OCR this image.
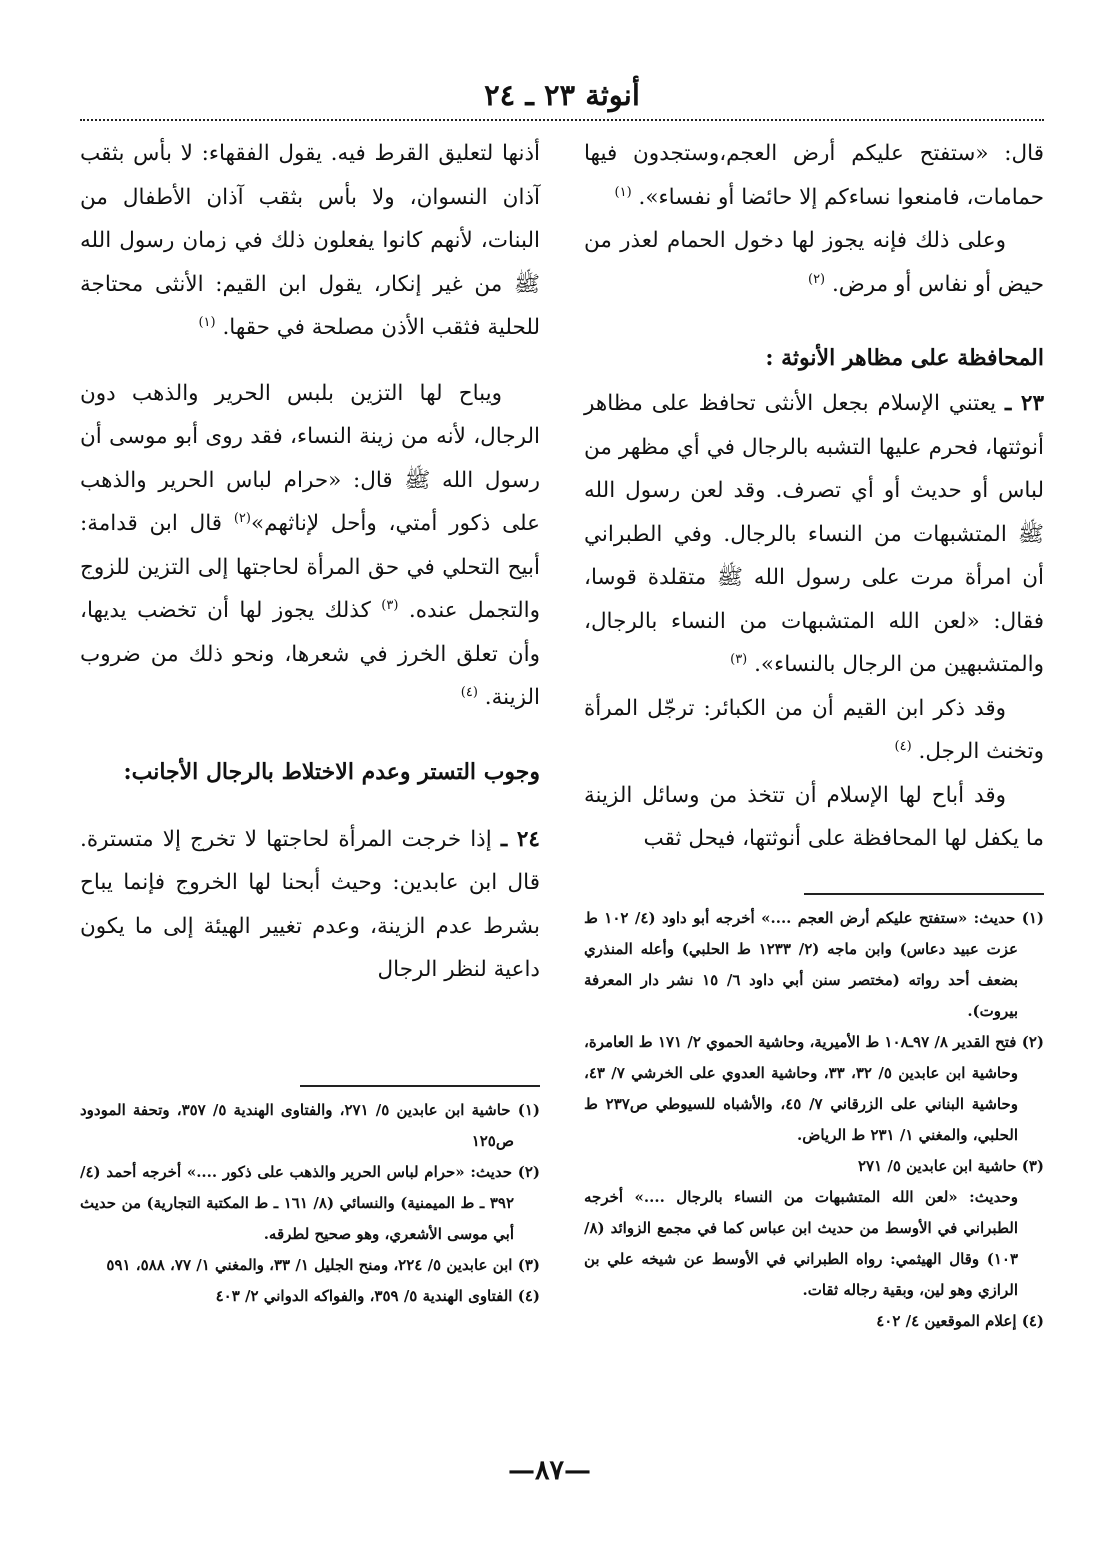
أنوثة ٢٣ ـ ٢٤

قال: «ستفتح عليكم أرض العجم،وستجدون فيها حمامات، فامنعوا نساءكم إلا حائضا أو نفساء». $^{(١)}$

وعلى ذلك فإنه يجوز لها دخول الحمام لعذر من حيض أو نفاس أو مرض. $^{(٢)}$

المحافظة على مظاهر الأنوثة :

٢٣ ـ يعتني الإسلام بجعل الأنثى تحافظ على مظاهر أنوثتها، فحرم عليها التشبه بالرجال في أي مظهر من لباس أو حديث أو أي تصرف. وقد لعن رسول الله ﷺ المتشبهات من النساء بالرجال. وفي الطبراني أن امرأة مرت على رسول الله ﷺ متقلدة قوسا، فقال: «لعن الله المتشبهات من النساء بالرجال، والمتشبهين من الرجال بالنساء». $^{(٣)}$

وقد ذكر ابن القيم أن من الكبائر: ترجّل المرأة وتخنث الرجل. $^{(٤)}$

وقد أباح لها الإسلام أن تتخذ من وسائل الزينة ما يكفل لها المحافظة على أنوثتها، فيحل ثقب

أذنها لتعليق القرط فيه. يقول الفقهاء: لا بأس بثقب آذان النسوان، ولا بأس بثقب آذان الأطفال من البنات، لأنهم كانوا يفعلون ذلك في زمان رسول الله ﷺ من غير إنكار، يقول ابن القيم: الأنثى محتاجة للحلية فثقب الأذن مصلحة في حقها. $^{(١)}$

ويباح لها التزين بلبس الحرير والذهب دون الرجال، لأنه من زينة النساء، فقد روى أبو موسى أن رسول الله ﷺ قال: «حرام لباس الحرير والذهب على ذكور أمتي، وأحل لإناثهم»$^{(٢)}$ قال ابن قدامة: أبيح التحلي في حق المرأة لحاجتها إلى التزين للزوج والتجمل عنده. $^{(٣)}$ كذلك يجوز لها أن تخضب يديها، وأن تعلق الخرز في شعرها، ونحو ذلك من ضروب الزينة. $^{(٤)}$

وجوب التستر وعدم الاختلاط بالرجال الأجانب:

٢٤ ـ إذا خرجت المرأة لحاجتها لا تخرج إلا متسترة. قال ابن عابدين: وحيث أبحنا لها الخروج فإنما يباح بشرط عدم الزينة، وعدم تغيير الهيئة إلى ما يكون داعية لنظر الرجال

(١) حديث: «ستفتح عليكم أرض العجم ....» أخرجه أبو داود (٤/ ١٠٢ ط عزت عبيد دعاس) وابن ماجه (٢/ ١٢٣٣ ط الحلبي) وأعله المنذري بضعف أحد رواته (مختصر سنن أبي داود ٦/ ١٥ نشر دار المعرفة بيروت).

(٢) فتح القدير ٨/ ٩٧ـ١٠٨ ط الأميرية، وحاشية الحموي ٢/ ١٧١ ط العامرة، وحاشية ابن عابدين ٥/ ٣٢، ٣٣، وحاشية العدوي على الخرشي ٧/ ٤٣، وحاشية البناني على الزرقاني ٧/ ٤٥، والأشباه للسيوطي ص٢٣٧ ط الحلبي، والمغني ١/ ٢٣١ ط الرياض.

(٣) حاشية ابن عابدين ٥/ ٢٧١

وحديث: «لعن الله المتشبهات من النساء بالرجال ....» أخرجه الطبراني في الأوسط من حديث ابن عباس كما في مجمع الزوائد (٨/ ١٠٣) وقال الهيثمي: رواه الطبراني في الأوسط عن شيخه علي بن الرازي وهو لين، وبقية رجاله ثقات.

(٤) إعلام الموقعين ٤/ ٤٠٢

(١) حاشية ابن عابدين ٥/ ٢٧١، والفتاوى الهندية ٥/ ٣٥٧، وتحفة المودود ص١٢٥

(٢) حديث: «حرام لباس الحرير والذهب على ذكور ....» أخرجه أحمد (٤/ ٣٩٢ ـ ط الميمنية) والنسائي (٨/ ١٦١ ـ ط المكتبة التجارية) من حديث أبي موسى الأشعري، وهو صحيح لطرقه.

(٣) ابن عابدين ٥/ ٢٢٤، ومنح الجليل ١/ ٣٣، والمغني ١/ ٧٧، ٥٨٨، ٥٩١

(٤) الفتاوى الهندية ٥/ ٣٥٩، والفواكه الدواني ٢/ ٤٠٣

—٨٧—
